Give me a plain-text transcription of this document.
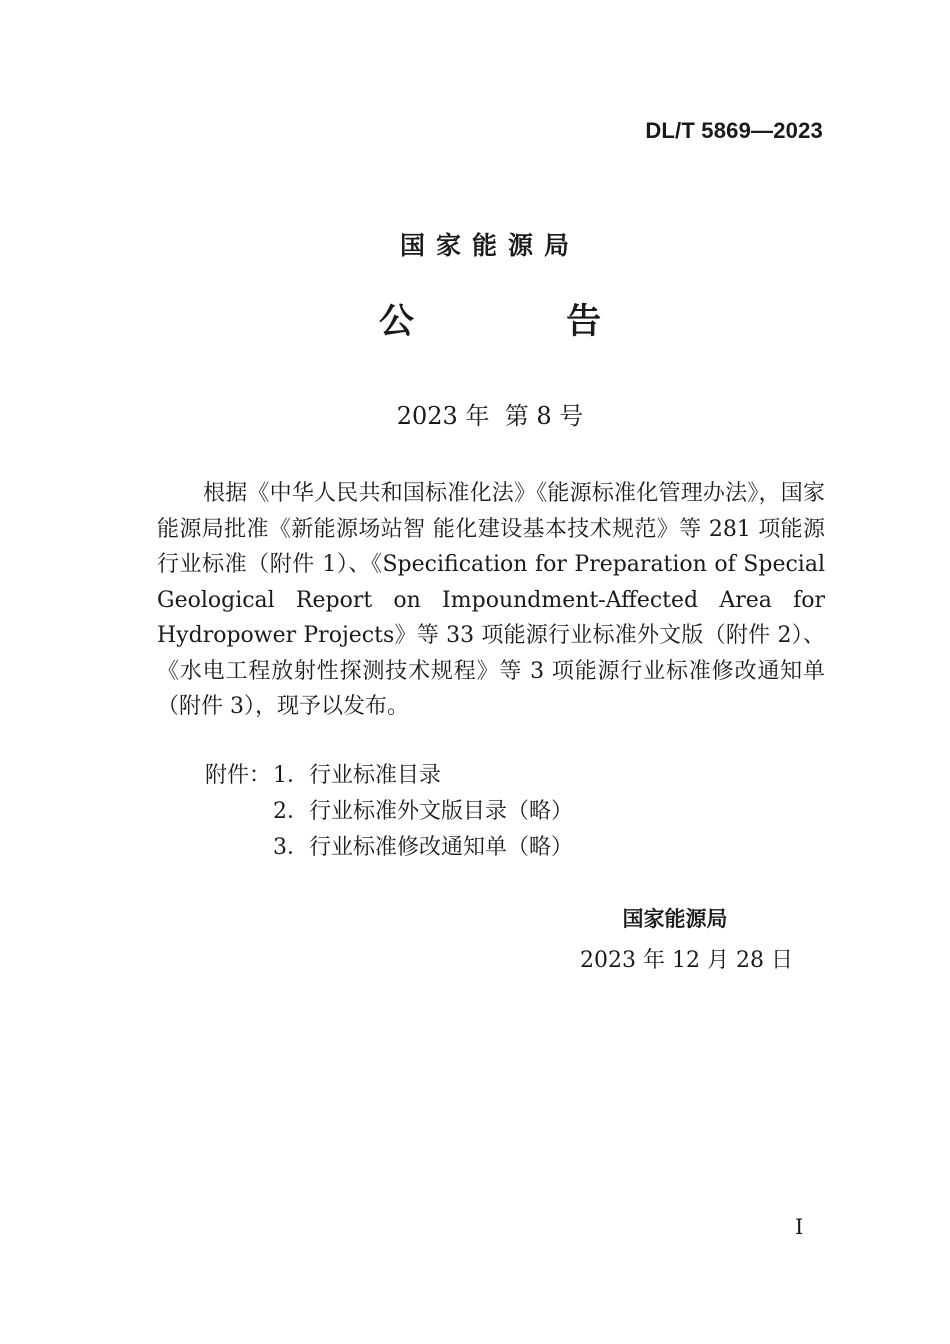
DL/T 5869—2023
国家能源局
公 告
2023 年  第 8 号

根据《中华人民共和国标准化法》《能源标准化管理办法》，国家能源局批准《新能源场站智 能化建设基本技术规范》等 281 项能源行业标准（附件 1）、《Specification for Preparation of Special Geological Report on Impoundment-Affected Area for Hydropower Projects》等 33 项能源行业标准外文版（附件 2）、《水电工程放射性探测技术规程》等 3 项能源行业标准修改通知单（附件 3），现予以发布。

附件： 1．行业标准目录
2．行业标准外文版目录（略）
3．行业标准修改通知单（略）
国家能源局
2023 年 12 月 28 日
I
